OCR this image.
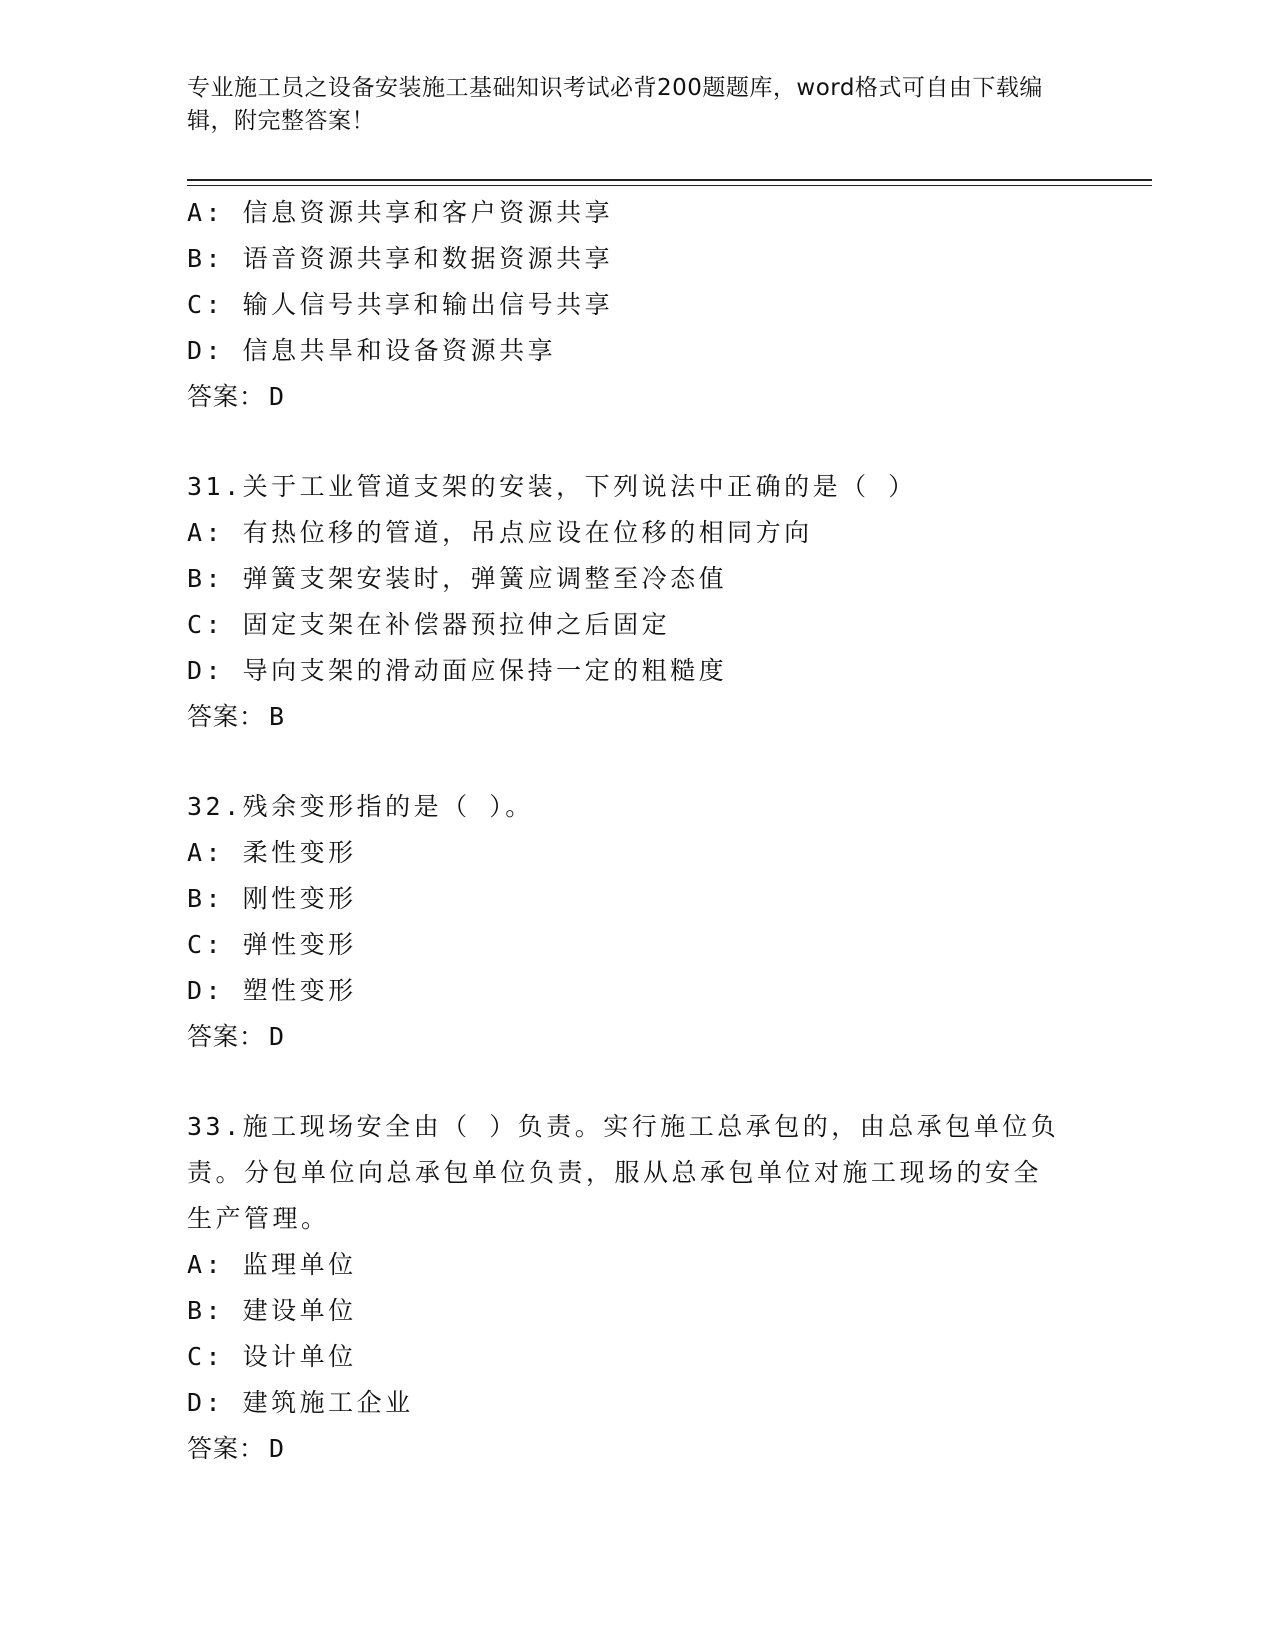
专业施工员之设备安装施工基础知识考试必背200题题库，word格式可自由下载编辑，附完整答案！
A: 信息资源共享和客户资源共享
B: 语音资源共享和数据资源共享
C: 输人信号共享和输出信号共享
D: 信息共旱和设备资源共享
答案： D
31.关于工业管道支架的安装，下列说法中正确的是（ ）
A: 有热位移的管道，吊点应设在位移的相同方向
B: 弹簧支架安装时，弹簧应调整至冷态值
C: 固定支架在补偿器预拉伸之后固定
D: 导向支架的滑动面应保持一定的粗糙度
答案： B
32.残余变形指的是（ ）。
A: 柔性变形
B: 刚性变形
C: 弹性变形
D: 塑性变形
答案： D
33.施工现场安全由（ ）负责。实行施工总承包的，由总承包单位负责。分包单位向总承包单位负责，服从总承包单位对施工现场的安全生产管理。
A: 监理单位
B: 建设单位
C: 设计单位
D: 建筑施工企业
答案： D
